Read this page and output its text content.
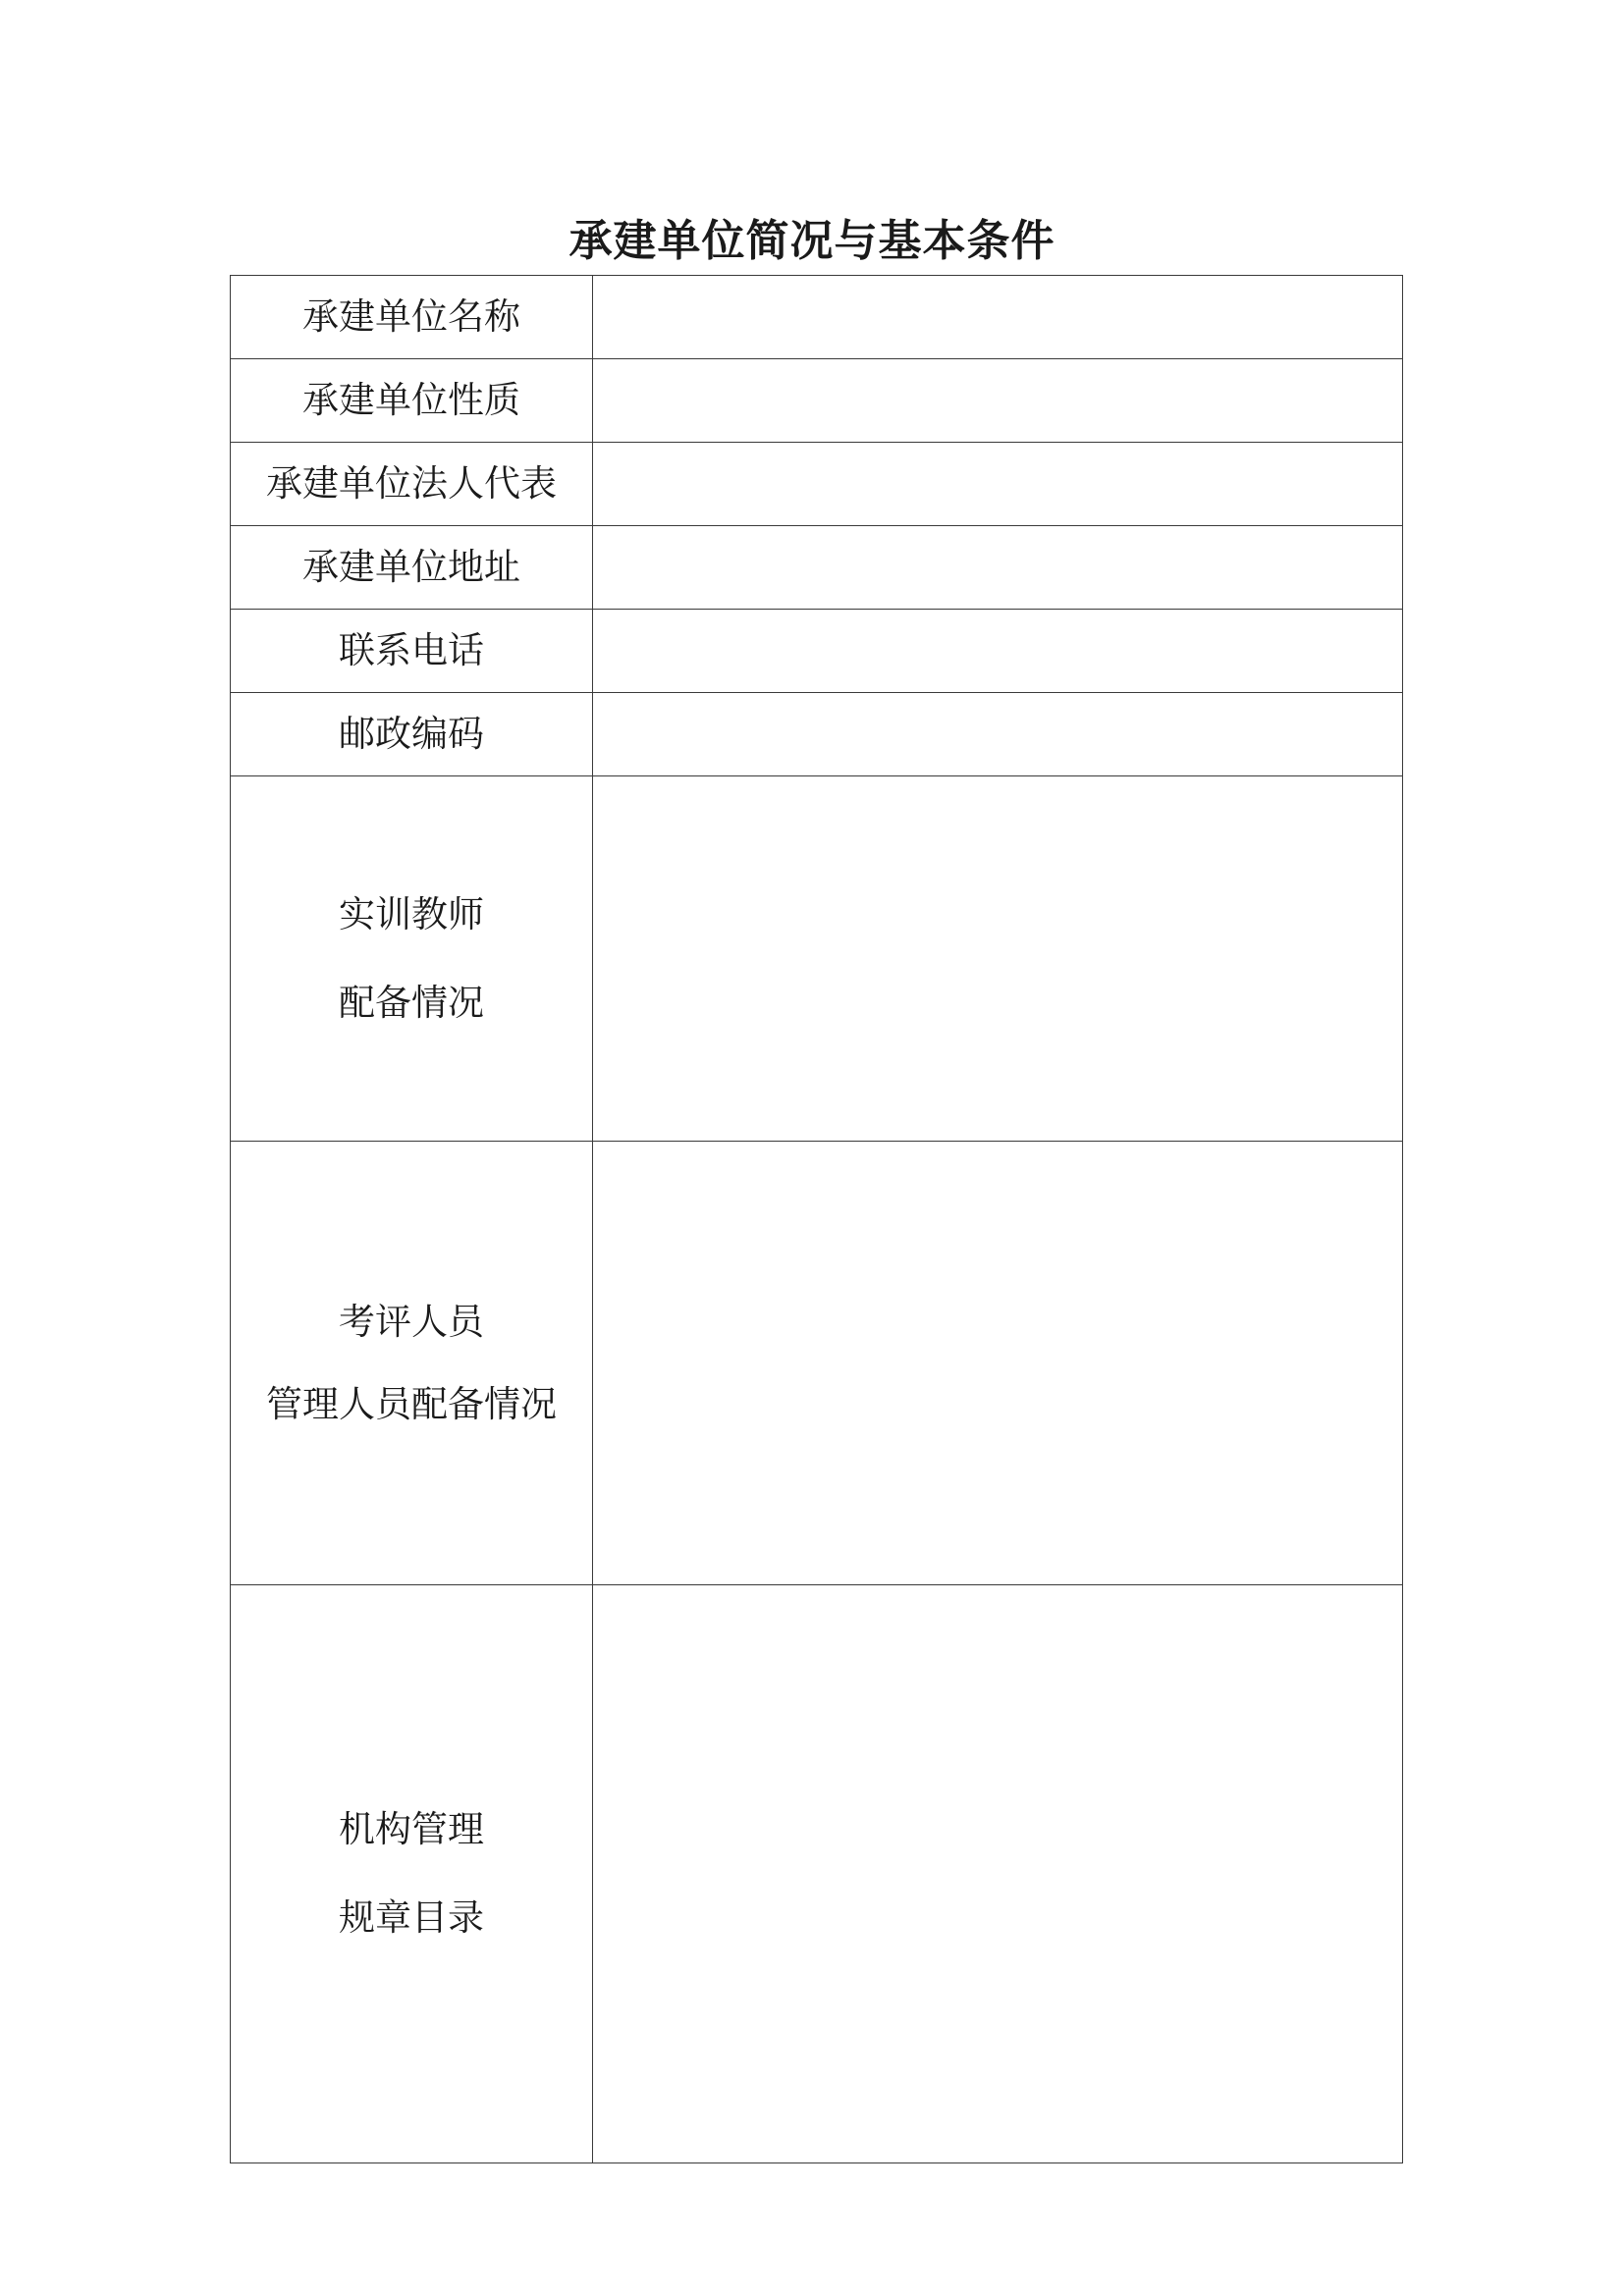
承建单位简况与基本条件
承建单位名称	
承建单位性质	
承建单位法人代表	
承建单位地址	
联系电话	
邮政编码	

实训教师
配备情况	

考评人员
管理人员配备情况	

机构管理
规章目录	
